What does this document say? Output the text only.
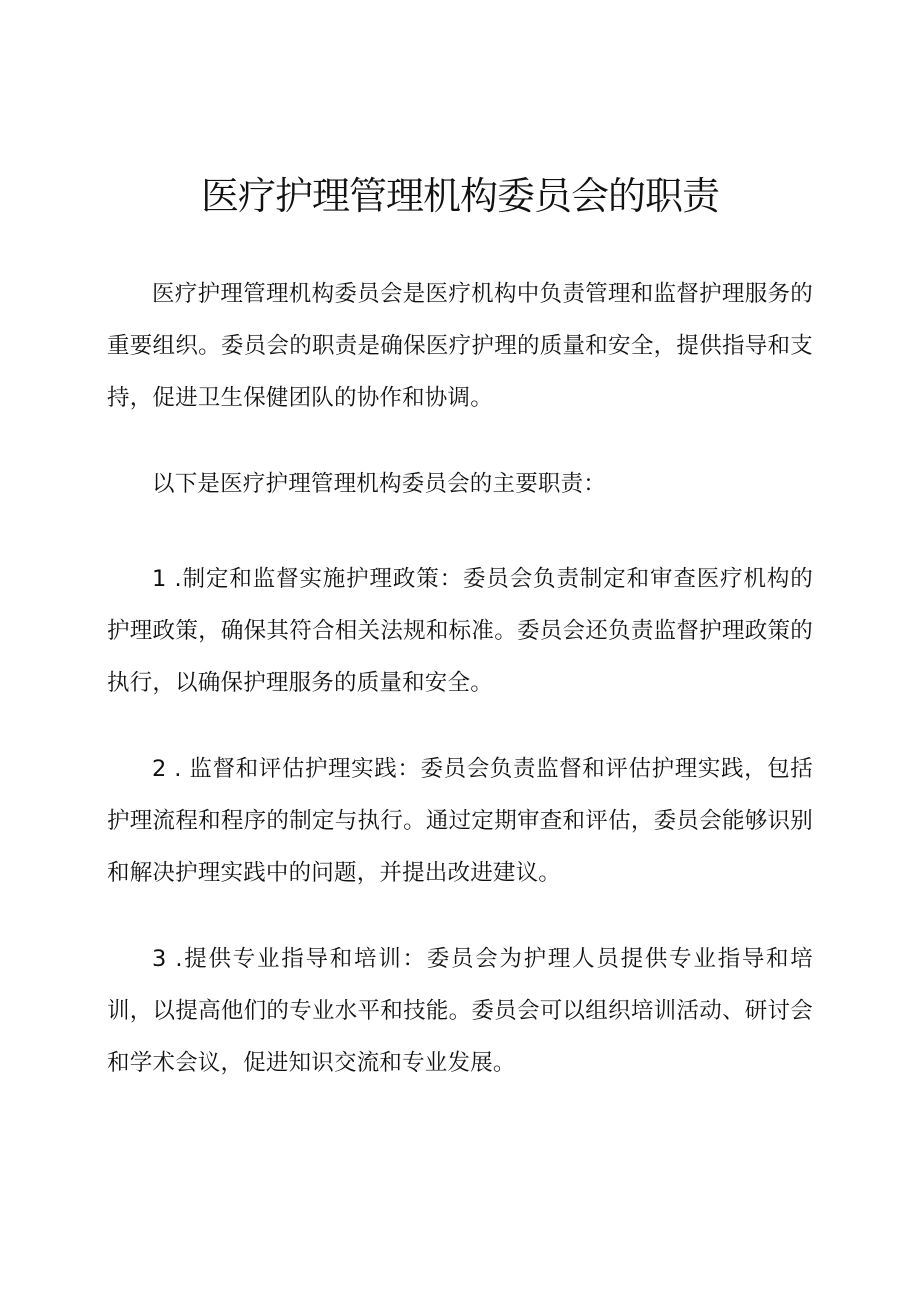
医疗护理管理机构委员会的职责

医疗护理管理机构委员会是医疗机构中负责管理和监督护理服务的重要组织。委员会的职责是确保医疗护理的质量和安全，提供指导和支持，促进卫生保健团队的协作和协调。

以下是医疗护理管理机构委员会的主要职责：

1 .制定和监督实施护理政策：委员会负责制定和审查医疗机构的护理政策，确保其符合相关法规和标准。委员会还负责监督护理政策的执行，以确保护理服务的质量和安全。

2 . 监督和评估护理实践：委员会负责监督和评估护理实践，包括护理流程和程序的制定与执行。通过定期审查和评估，委员会能够识别和解决护理实践中的问题，并提出改进建议。

3 .提供专业指导和培训：委员会为护理人员提供专业指导和培训，以提高他们的专业水平和技能。委员会可以组织培训活动、研讨会和学术会议，促进知识交流和专业发展。
